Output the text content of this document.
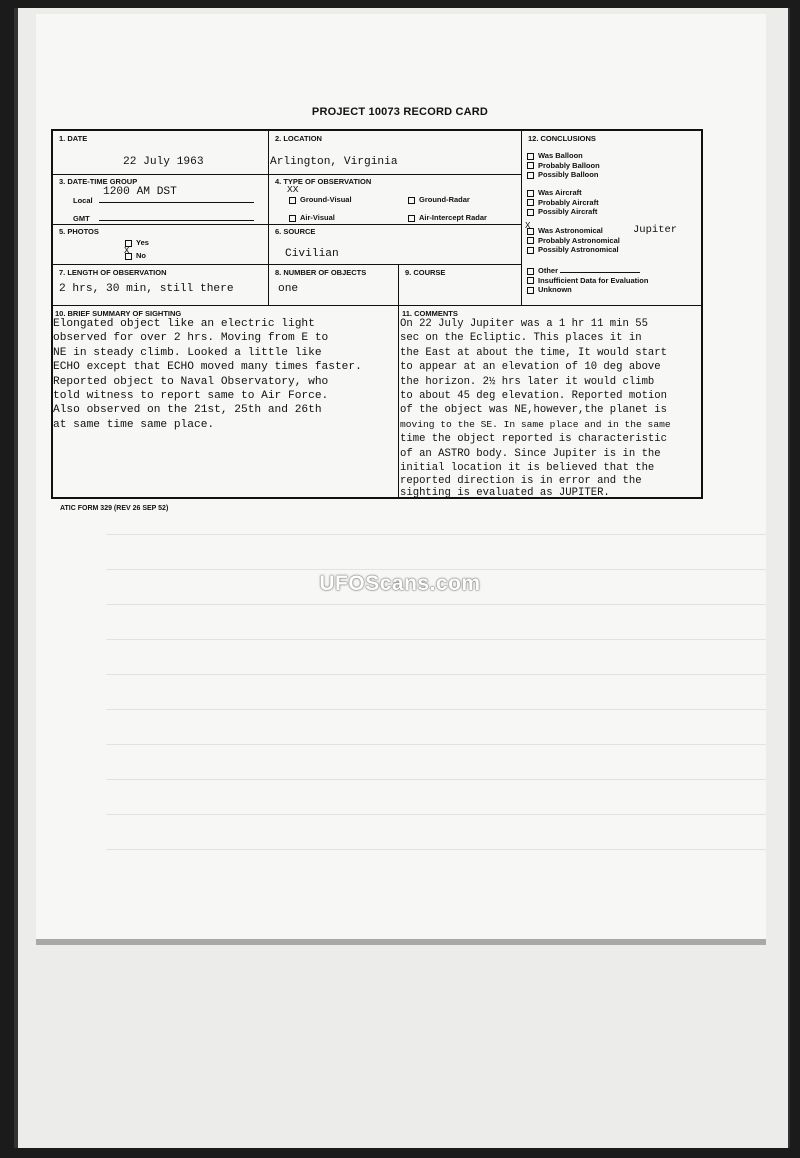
PROJECT 10073 RECORD CARD
1. DATE
22 July 1963
2. LOCATION
Arlington, Virginia
3. DATE-TIME GROUP
Local
1200 AM DST
GMT
4. TYPE OF OBSERVATION
XX
Ground-Visual	Ground-Radar
Air-Visual	Air-Intercept Radar
5. PHOTOS
Yes
No
X
6. SOURCE
Civilian
7. LENGTH OF OBSERVATION
2 hrs, 30 min, still there
8. NUMBER OF OBJECTS
one
9. COURSE
12. CONCLUSIONS
Was Balloon
Probably Balloon
Possibly Balloon
Was Aircraft
Probably Aircraft
Possibly Aircraft
X	Was Astronomical
Probably Astronomical
Possibly Astronomical
Jupiter
Other
Insufficient Data for Evaluation
Unknown
10. BRIEF SUMMARY OF SIGHTING
Elongated object like an electric light
observed for over 2 hrs. Moving from E to
NE in steady climb. Looked a little like
ECHO except that ECHO moved many times faster.
Reported object to Naval Observatory, who
told witness to report same to Air Force.
Also observed on the 21st, 25th and 26th
at same time same place.
11. COMMENTS
On 22 July Jupiter was a 1 hr 11 min 55
sec on the Ecliptic. This places it in
the East at about the time, It would start
to appear at an elevation of 10 deg above
the horizon. 2½ hrs later it would climb
to about 45 deg elevation. Reported motion
of the object was NE,however,the planet is
moving to the SE. In same place and in the same
time the object reported is characteristic
of an ASTRO body. Since Jupiter is in the
initial location it is believed that the
reported direction is in error and the
sighting is evaluated as JUPITER.
ATIC FORM 329 (REV 26 SEP 52)
UFOScans.com
